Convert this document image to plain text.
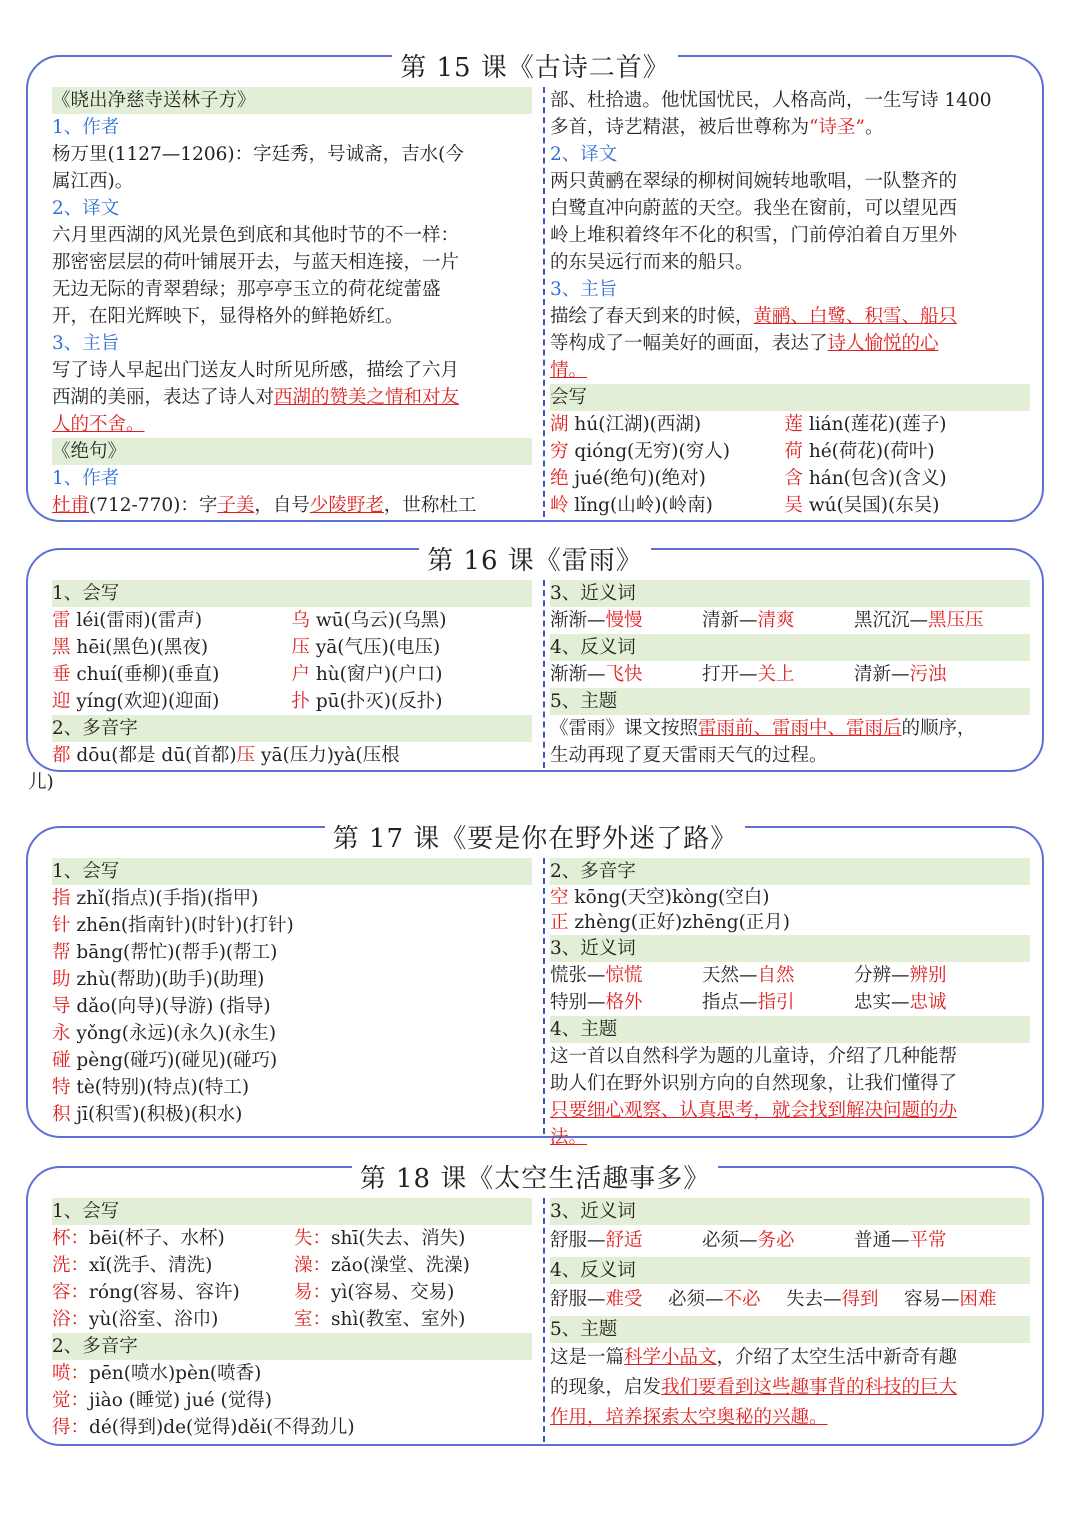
第 15 课《古诗二首》
《晓出净慈寺送林子方》
1、作者
杨万里(1127—1206)：字廷秀，号诚斋，吉水(今
属江西)。
2、译文
六月里西湖的风光景色到底和其他时节的不一样：
那密密层层的荷叶铺展开去，与蓝天相连接，一片
无边无际的青翠碧绿；那亭亭玉立的荷花绽蕾盛
开，在阳光辉映下，显得格外的鲜艳娇红。
3、主旨
写了诗人早起出门送友人时所见所感，描绘了六月
西湖的美丽，表达了诗人对西湖的赞美之情和对友
人的不舍。
《绝句》
1、作者
杜甫(712-770)：字子美，自号少陵野老，世称杜工
部、杜拾遗。他忧国忧民，人格高尚，一生写诗 1400
多首，诗艺精湛，被后世尊称为“诗圣”。
2、译文
两只黄鹂在翠绿的柳树间婉转地歌唱，一队整齐的
白鹭直冲向蔚蓝的天空。我坐在窗前，可以望见西
岭上堆积着终年不化的积雪，门前停泊着自万里外
的东吴远行而来的船只。
3、主旨
描绘了春天到来的时候，黄鹂、白鹭、积雪、船只
等构成了一幅美好的画面，表达了诗人愉悦的心
情。
会写
湖 hú(江湖)(西湖)	莲 lián(莲花)(莲子)
穷 qióng(无穷)(穷人)	荷 hé(荷花)(荷叶)
绝 jué(绝句)(绝对)	含 hán(包含)(含义)
岭 lǐng(山岭)(岭南)	吴 wú(吴国)(东吴)
第 16 课《雷雨》
1、会写
雷 léi(雷雨)(雷声)	乌 wū(乌云)(乌黑)
黑 hēi(黑色)(黑夜)	压 yā(气压)(电压)
垂 chuí(垂柳)(垂直)	户 hù(窗户)(户口)
迎 yíng(欢迎)(迎面)	扑 pū(扑灭)(反扑)
2、多音字
都 dōu(都是 dū(首都)压 yā(压力)yà(压根
儿)
3、近义词
渐渐—慢慢	清新—清爽	黑沉沉—黑压压
4、反义词
渐渐—飞快	打开—关上	清新—污浊
5、主题
《雷雨》课文按照雷雨前、雷雨中、雷雨后的顺序，
生动再现了夏天雷雨天气的过程。
第 17 课《要是你在野外迷了路》
1、会写
指 zhǐ(指点)(手指)(指甲)
针 zhēn(指南针)(时针)(打针)
帮 bāng(帮忙)(帮手)(帮工)
助 zhù(帮助)(助手)(助理)
导 dǎo(向导)(导游) (指导)
永 yǒng(永远)(永久)(永生)
碰 pèng(碰巧)(碰见)(碰巧)
特 tè(特别)(特点)(特工)
积 jī(积雪)(积极)(积水)
2、多音字
空 kōng(天空)kòng(空白)
正 zhèng(正好)zhēng(正月)
3、近义词
慌张—惊慌	天然—自然	分辨—辨别
特别—格外	指点—指引	忠实—忠诚
4、主题
这一首以自然科学为题的儿童诗，介绍了几种能帮
助人们在野外识别方向的自然现象，让我们懂得了
只要细心观察、认真思考，就会找到解决问题的办
法。
第 18 课《太空生活趣事多》
1、会写
杯：bēi(杯子、水杯)	失：shī(失去、消失)
洗：xǐ(洗手、清洗)	澡：zǎo(澡堂、洗澡)
容：róng(容易、容许)	易：yì(容易、交易)
浴：yù(浴室、浴巾)	室：shì(教室、室外)
2、多音字
喷：pēn(喷水)pèn(喷香)
觉：jiào (睡觉) jué (觉得)
得：dé(得到)de(觉得)děi(不得劲儿)
3、近义词
舒服—舒适	必须—务必	普通—平常
4、反义词
舒服—难受 必须—不必 失去—得到 容易—困难
5、主题
这是一篇科学小品文，介绍了太空生活中新奇有趣
的现象，启发我们要看到这些趣事背的科技的巨大
作用，培养探索太空奥秘的兴趣。
